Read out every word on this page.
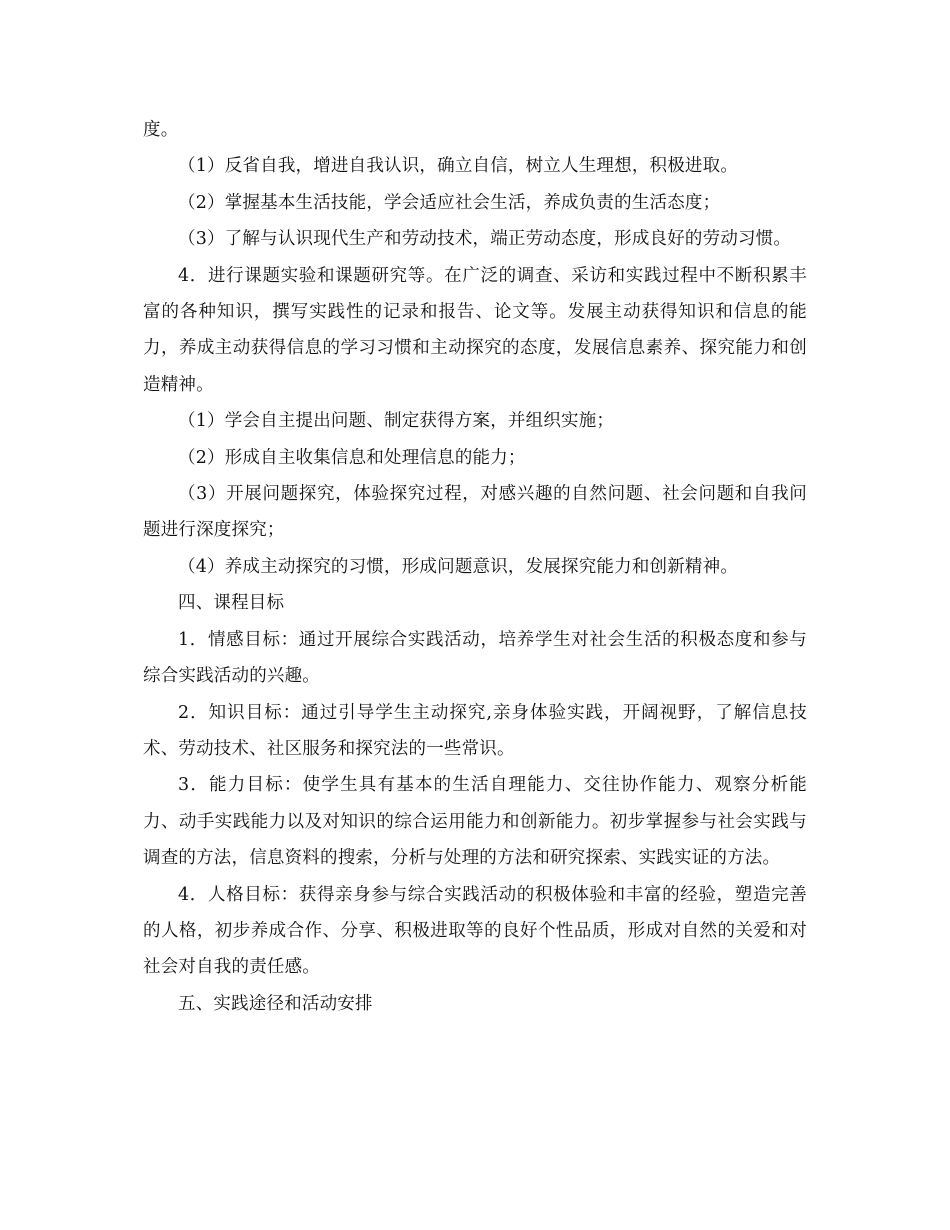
度。

（1）反省自我，增进自我认识，确立自信，树立人生理想，积极进取。

（2）掌握基本生活技能，学会适应社会生活，养成负责的生活态度；

（3）了解与认识现代生产和劳动技术，端正劳动态度，形成良好的劳动习惯。

4．进行课题实验和课题研究等。在广泛的调查、采访和实践过程中不断积累丰富的各种知识，撰写实践性的记录和报告、论文等。发展主动获得知识和信息的能力，养成主动获得信息的学习习惯和主动探究的态度，发展信息素养、探究能力和创造精神。

（1）学会自主提出问题、制定获得方案，并组织实施；

（2）形成自主收集信息和处理信息的能力；

（3）开展问题探究，体验探究过程，对感兴趣的自然问题、社会问题和自我问题进行深度探究；

（4）养成主动探究的习惯，形成问题意识，发展探究能力和创新精神。

四、课程目标

1．情感目标：通过开展综合实践活动，培养学生对社会生活的积极态度和参与综合实践活动的兴趣。

2．知识目标：通过引导学生主动探究,亲身体验实践，开阔视野，了解信息技术、劳动技术、社区服务和探究法的一些常识。

3．能力目标：使学生具有基本的生活自理能力、交往协作能力、观察分析能力、动手实践能力以及对知识的综合运用能力和创新能力。初步掌握参与社会实践与调查的方法，信息资料的搜索，分析与处理的方法和研究探索、实践实证的方法。

4．人格目标：获得亲身参与综合实践活动的积极体验和丰富的经验，塑造完善的人格，初步养成合作、分享、积极进取等的良好个性品质，形成对自然的关爱和对社会对自我的责任感。

五、实践途径和活动安排
